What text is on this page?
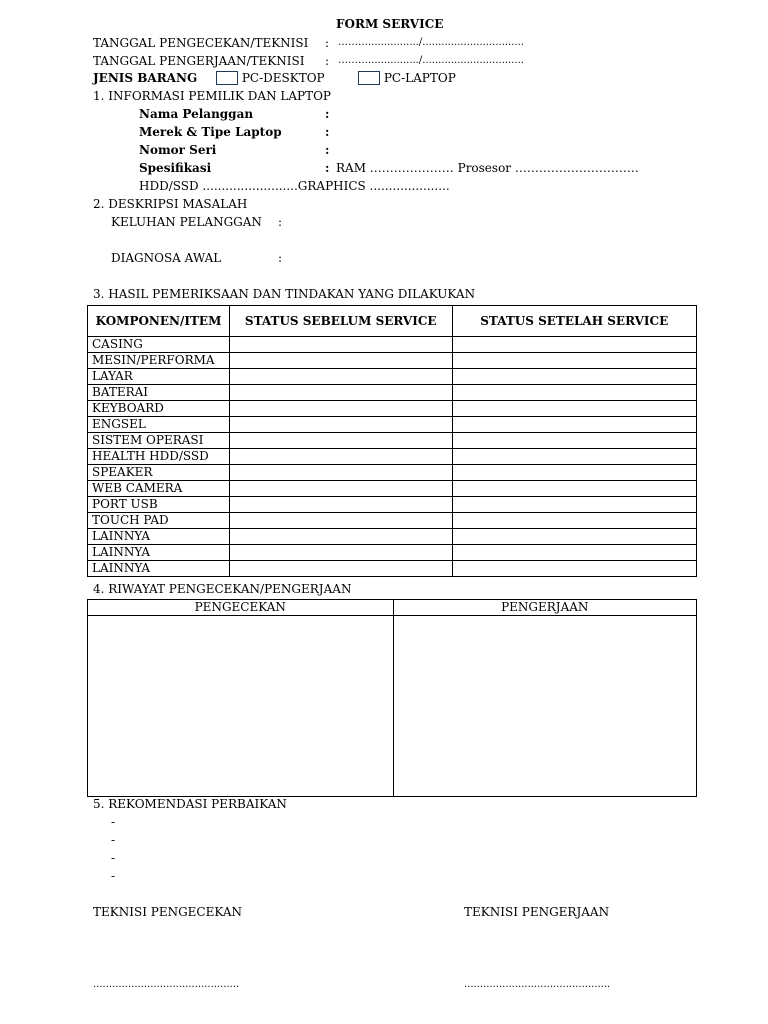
FORM SERVICE
TANGGAL PENGECEKAN/TEKNISI : ………................/................................
TANGGAL PENGERJAAN/TEKNISI : ………................/................................
JENIS BARANG	PC-DESKTOP	PC-LAPTOP
1. INFORMASI PEMILIK DAN LAPTOP
Nama Pelanggan	:
Merek & Tipe Laptop	:
Nomor Seri	:
Spesifikasi	: RAM ………………… Prosesor ………………………….
HDD/SSD .........................GRAPHICS .....................
2. DESKRIPSI MASALAH
KELUHAN PELANGGAN :
DIAGNOSA AWAL	:
3. HASIL PEMERIKSAAN DAN TINDAKAN YANG DILAKUKAN
KOMPONEN/ITEM	STATUS SEBELUM SERVICE	STATUS SETELAH SERVICE
CASING		
MESIN/PERFORMA		
LAYAR		
BATERAI		
KEYBOARD		
ENGSEL		
SISTEM OPERASI		
HEALTH HDD/SSD		
SPEAKER		
WEB CAMERA		
PORT USB		
TOUCH PAD		
LAINNYA		
LAINNYA		
LAINNYA		
4. RIWAYAT PENGECEKAN/PENGERJAAN
PENGECEKAN	PENGERJAAN

5. REKOMENDASI PERBAIKAN
-
-
-
-
TEKNISI PENGECEKAN	TEKNISI PENGERJAAN
..............................................	..............................................
